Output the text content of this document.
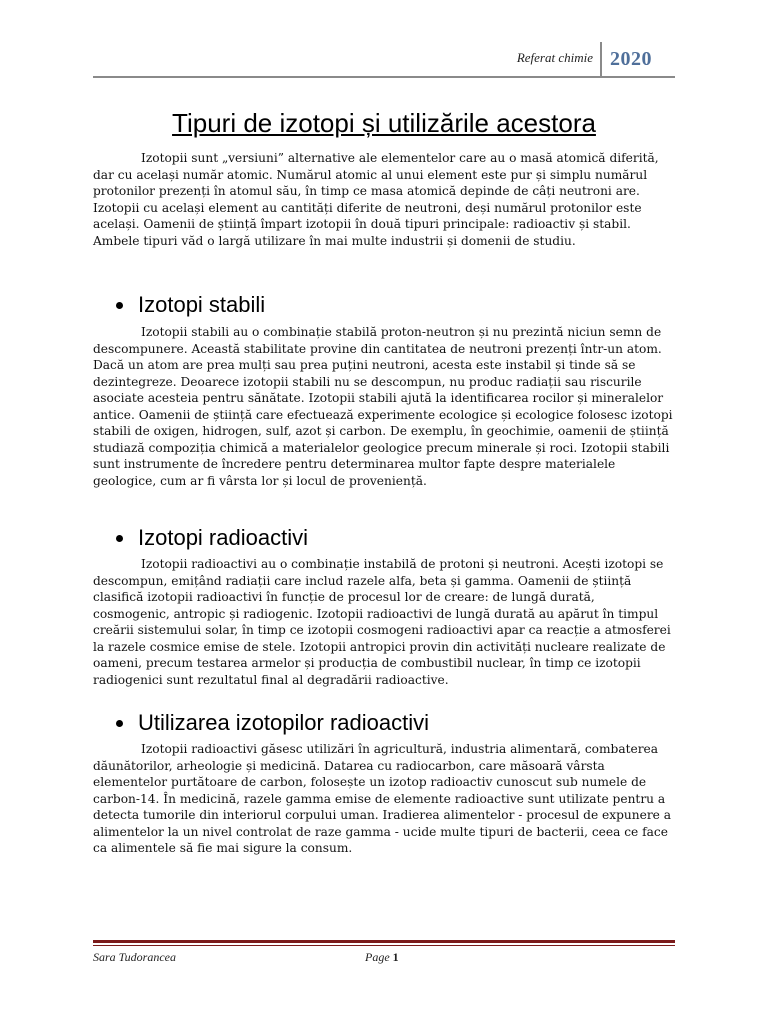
Referat chimie 2020
Tipuri de izotopi și utilizările acestora

Izotopii sunt „versiuni” alternative ale elementelor care au o masă atomică diferită, dar cu același număr atomic. Numărul atomic al unui element este pur și simplu numărul protonilor prezenți în atomul său, în timp ce masa atomică depinde de câți neutroni are. Izotopii cu același element au cantități diferite de neutroni, deși numărul protonilor este același. Oamenii de știință împart izotopii în două tipuri principale: radioactiv și stabil. Ambele tipuri văd o largă utilizare în mai multe industrii și domenii de studiu.

Izotopi stabili

Izotopii stabili au o combinație stabilă proton-neutron și nu prezintă niciun semn de descompunere. Această stabilitate provine din cantitatea de neutroni prezenți într-un atom. Dacă un atom are prea mulți sau prea puțini neutroni, acesta este instabil și tinde să se dezintegreze. Deoarece izotopii stabili nu se descompun, nu produc radiații sau riscurile asociate acesteia pentru sănătate. Izotopii stabili ajută la identificarea rocilor și mineralelor antice. Oamenii de știință care efectuează experimente ecologice și ecologice folosesc izotopi stabili de oxigen, hidrogen, sulf, azot și carbon. De exemplu, în geochimie, oamenii de știință studiază compoziția chimică a materialelor geologice precum minerale și roci. Izotopii stabili sunt instrumente de încredere pentru determinarea multor fapte despre materialele geologice, cum ar fi vârsta lor și locul de proveniență.

Izotopi radioactivi

Izotopii radioactivi au o combinație instabilă de protoni și neutroni. Acești izotopi se descompun, emițând radiații care includ razele alfa, beta și gamma. Oamenii de știință clasifică izotopii radioactivi în funcție de procesul lor de creare: de lungă durată, cosmogenic, antropic și radiogenic. Izotopii radioactivi de lungă durată au apărut în timpul creării sistemului solar, în timp ce izotopii cosmogeni radioactivi apar ca reacție a atmosferei la razele cosmice emise de stele. Izotopii antropici provin din activități nucleare realizate de oameni, precum testarea armelor și producția de combustibil nuclear, în timp ce izotopii radiogenici sunt rezultatul final al degradării radioactive.

Utilizarea izotopilor radioactivi

Izotopii radioactivi găsesc utilizări în agricultură, industria alimentară, combaterea dăunătorilor, arheologie și medicină. Datarea cu radiocarbon, care măsoară vârsta elementelor purtătoare de carbon, folosește un izotop radioactiv cunoscut sub numele de carbon-14. În medicină, razele gamma emise de elemente radioactive sunt utilizate pentru a detecta tumorile din interiorul corpului uman. Iradierea alimentelor - procesul de expunere a alimentelor la un nivel controlat de raze gamma - ucide multe tipuri de bacterii, ceea ce face ca alimentele să fie mai sigure la consum.

Sara Tudorancea	Page 1
